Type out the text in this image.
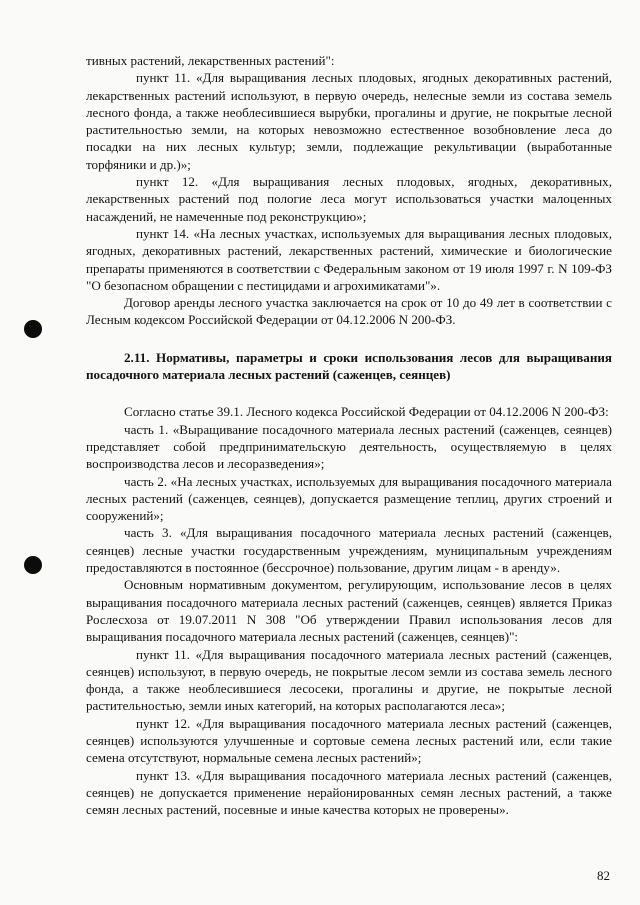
тивных растений, лекарственных растений":

пункт 11. «Для выращивания лесных плодовых, ягодных декоративных растений, лекарственных растений используют, в первую очередь, нелесные земли из состава земель лесного фонда, а также необлесившиеся вырубки, прогалины и другие, не покрытые лесной растительностью земли, на которых невозможно естественное возобновление леса до посадки на них лесных культур; земли, подлежащие рекультивации (выработанные торфяники и др.)»;

пункт 12. «Для выращивания лесных плодовых, ягодных, декоративных, лекарственных растений под пологие леса могут использоваться участки малоценных насаждений, не намеченные под реконструкцию»;

пункт 14. «На лесных участках, используемых для выращивания лесных плодовых, ягодных, декоративных растений, лекарственных растений, химические и биологические препараты применяются в соответствии с Федеральным законом от 19 июля 1997 г. N 109-ФЗ "О безопасном обращении с пестицидами и агрохимикатами"».

Договор аренды лесного участка заключается на срок от 10 до 49 лет в соответствии с Лесным кодексом Российской Федерации от 04.12.2006 N 200-ФЗ.

2.11. Нормативы, параметры и сроки использования лесов для выращивания посадочного материала лесных растений (саженцев, сеянцев)

Согласно статье 39.1. Лесного кодекса Российской Федерации от 04.12.2006 N 200-ФЗ:

часть 1. «Выращивание посадочного материала лесных растений (саженцев, сеянцев) представляет собой предпринимательскую деятельность, осуществляемую в целях воспроизводства лесов и лесоразведения»;

часть 2. «На лесных участках, используемых для выращивания посадочного материала лесных растений (саженцев, сеянцев), допускается размещение теплиц, других строений и сооружений»;

часть 3. «Для выращивания посадочного материала лесных растений (саженцев, сеянцев) лесные участки государственным учреждениям, муниципальным учреждениям предоставляются в постоянное (бессрочное) пользование, другим лицам - в аренду».

Основным нормативным документом, регулирующим, использование лесов в целях выращивания посадочного материала лесных растений (саженцев, сеянцев) является Приказ Рослесхоза от 19.07.2011 N 308 "Об утверждении Правил использования лесов для выращивания посадочного материала лесных растений (саженцев, сеянцев)":

пункт 11. «Для выращивания посадочного материала лесных растений (саженцев, сеянцев) используют, в первую очередь, не покрытые лесом земли из состава земель лесного фонда, а также необлесившиеся лесосеки, прогалины и другие, не покрытые лесной растительностью, земли иных категорий, на которых располагаются леса»;

пункт 12. «Для выращивания посадочного материала лесных растений (саженцев, сеянцев) используются улучшенные и сортовые семена лесных растений или, если такие семена отсутствуют, нормальные семена лесных растений»;

пункт 13. «Для выращивания посадочного материала лесных растений (саженцев, сеянцев) не допускается применение нерайонированных семян лесных растений, а также семян лесных растений, посевные и иные качества которых не проверены».

82
